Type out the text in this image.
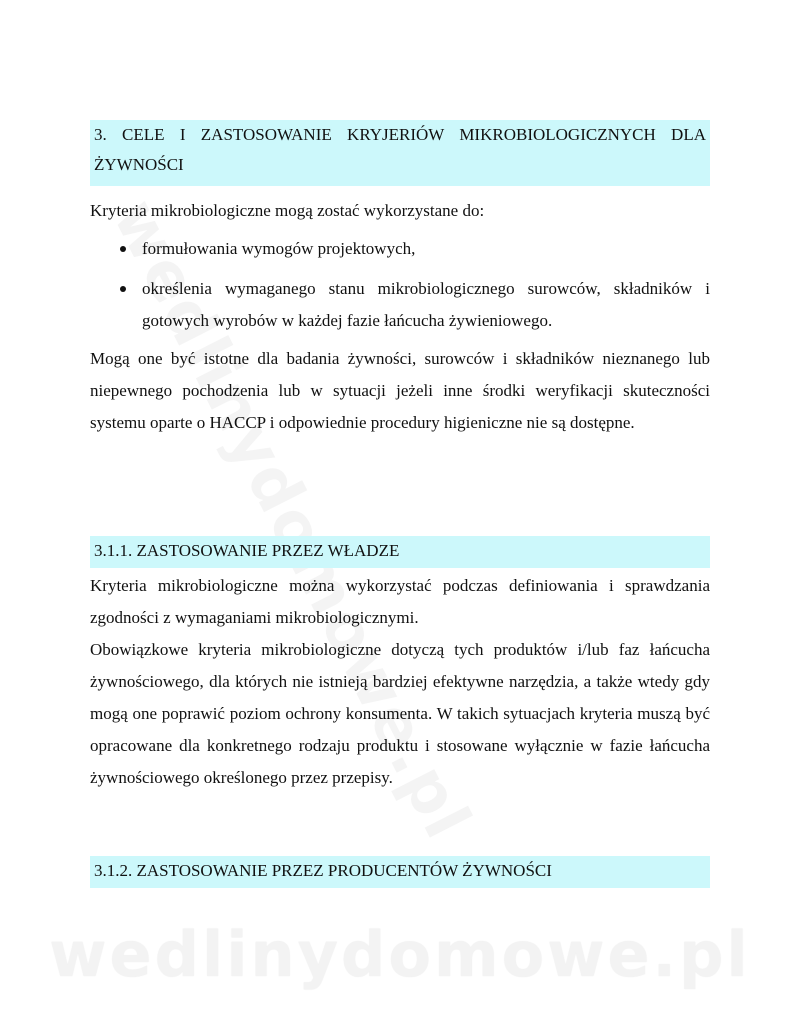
3. CELE I ZASTOSOWANIE KRYJERIÓW MIKROBIOLOGICZNYCH DLA
ŻYWNOŚCI

Kryteria mikrobiologiczne mogą zostać wykorzystane do:

formułowania wymogów projektowych,
określenia wymaganego stanu mikrobiologicznego surowców, składników i gotowych wyrobów w każdej fazie łańcucha żywieniowego.

Mogą one być istotne dla badania żywności, surowców i składników nieznanego lub niepewnego pochodzenia lub w sytuacji jeżeli inne środki weryfikacji skuteczności systemu oparte o HACCP i odpowiednie procedury higieniczne nie są dostępne.

3.1.1. ZASTOSOWANIE PRZEZ WŁADZE

Kryteria mikrobiologiczne można wykorzystać podczas definiowania i sprawdzania zgodności z wymaganiami mikrobiologicznymi.

Obowiązkowe kryteria mikrobiologiczne dotyczą tych produktów i/lub faz łańcucha żywnościowego, dla których nie istnieją bardziej efektywne narzędzia, a także wtedy gdy mogą one poprawić poziom ochrony konsumenta. W takich sytuacjach kryteria muszą być opracowane dla konkretnego rodzaju produktu i stosowane wyłącznie w fazie łańcucha żywnościowego określonego przez przepisy.

3.1.2. ZASTOSOWANIE PRZEZ PRODUCENTÓW ŻYWNOŚCI
wedlinydomowe.pl
